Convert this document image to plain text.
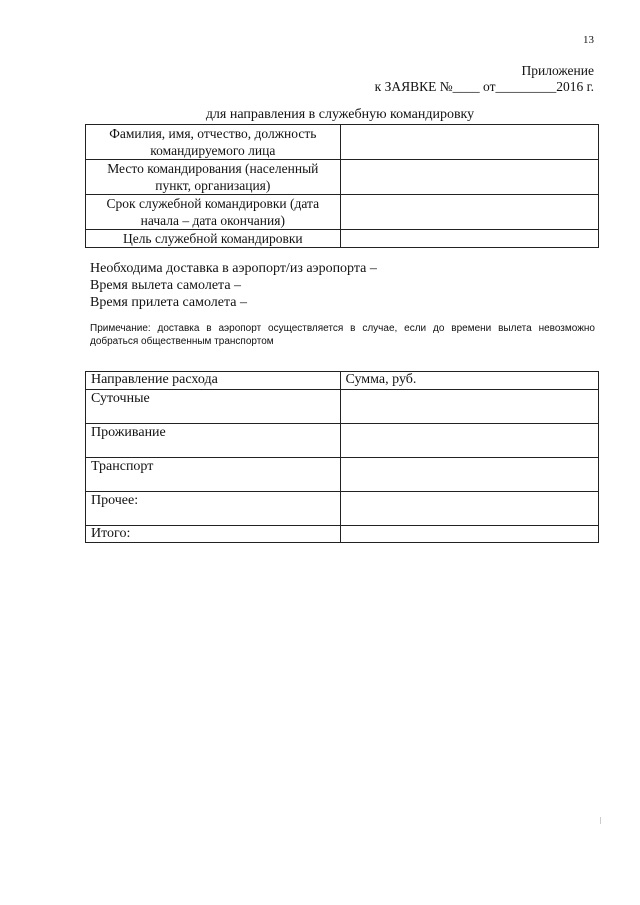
13
Приложение
к ЗАЯВКЕ №____ от_________2016 г.
для направления в служебную командировку
Фамилия, имя, отчество, должность
командируемого лица	

Место командирования (населенный
пункт, организация)	

Срок служебной командировки (дата
начала – дата окончания)	

Цель служебной командировки	

Необходима доставка в аэропорт/из аэропорта –
Время вылета самолета –
Время прилета самолета –
Примечание: доставка в аэропорт осуществляется в случае, если до времени вылета невозможно добраться общественным транспортом
Направление расхода	Сумма, руб.
Суточные	
Проживание	
Транспорт	
Прочее:	
Итого:	
